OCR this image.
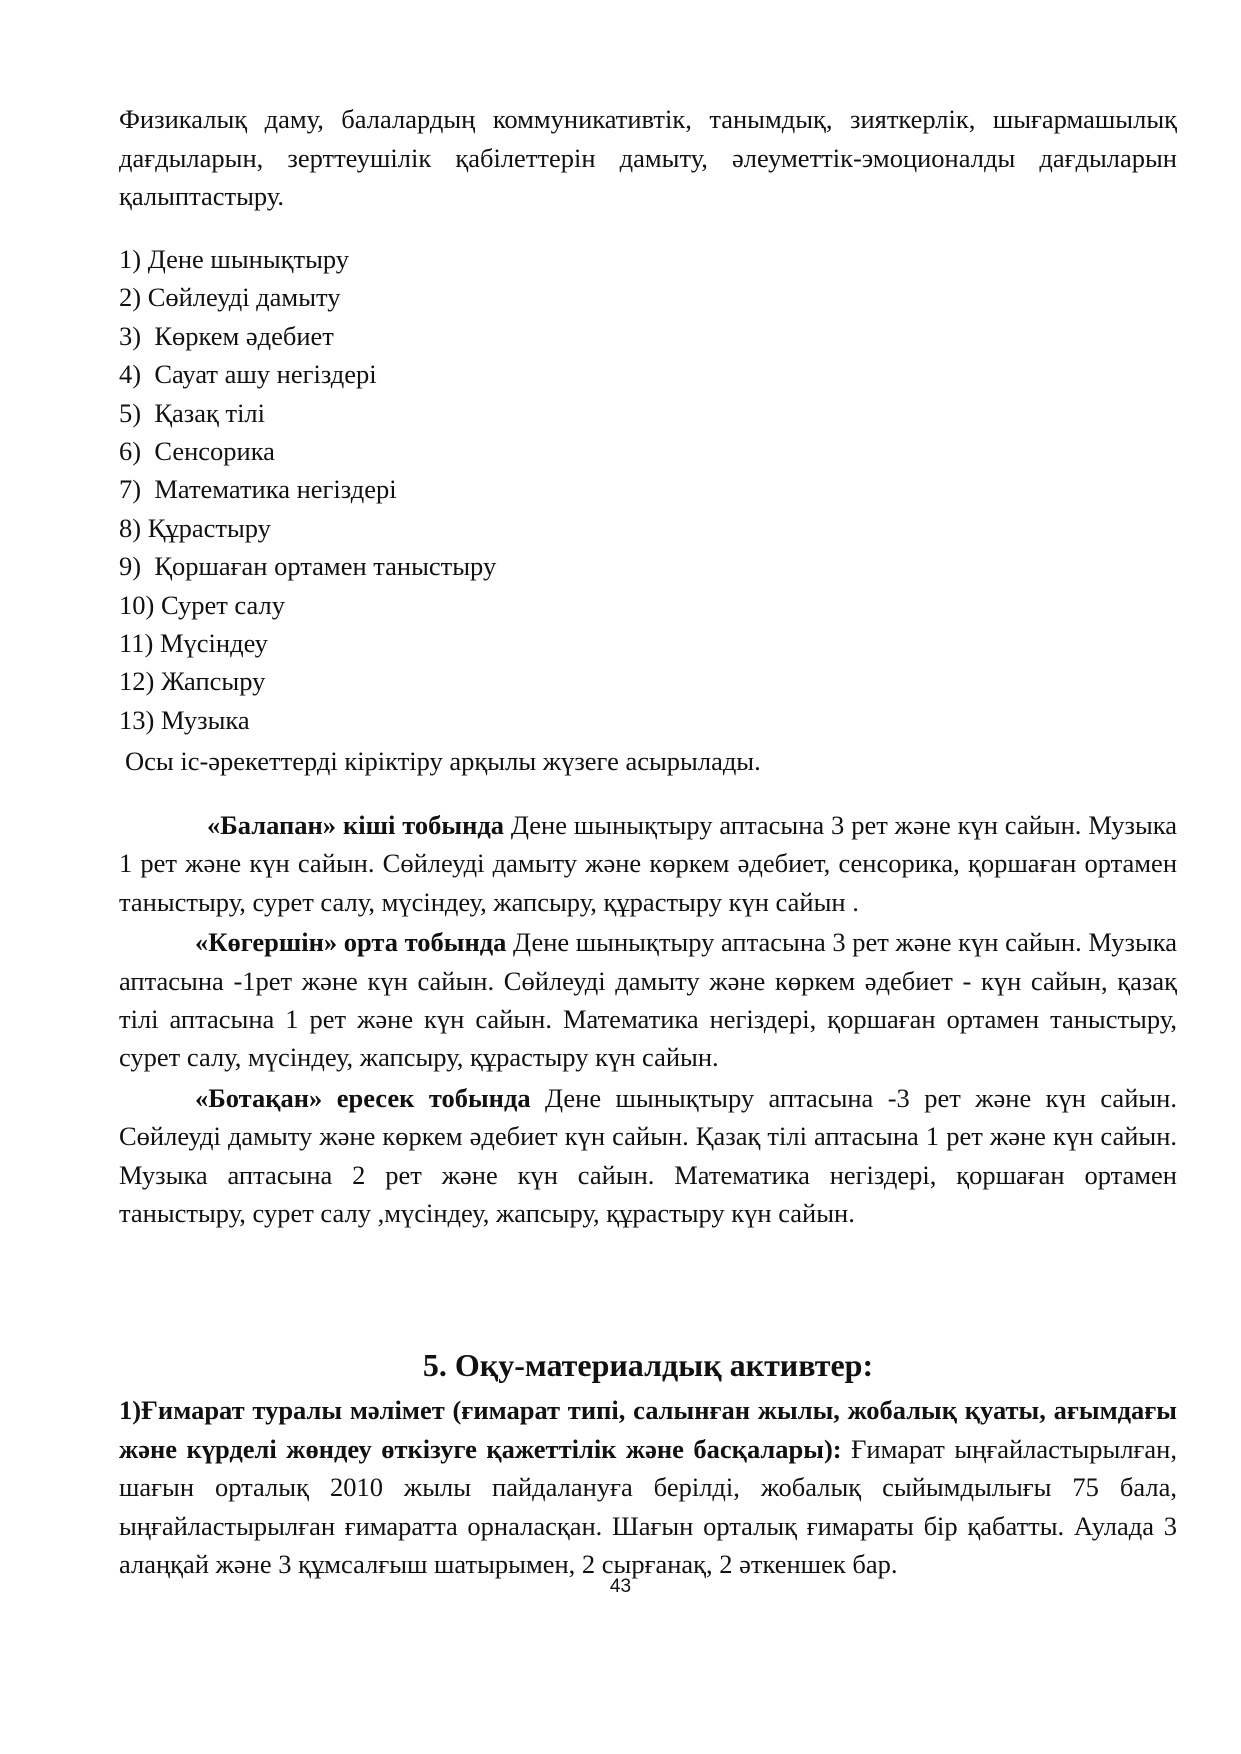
Физикалық даму, балалардың коммуникативтік, танымдық, зияткерлік, шығармашылық дағдыларын, зерттеушілік қабілеттерін дамыту, әлеуметтік-эмоционалды дағдыларын қалыптастыру.

1) Дене шынықтыру
2) Сөйлеуді дамыту
3)  Көркем әдебиет
4)  Сауат ашу негіздері
5)  Қазақ тілі
6)  Сенсорика
7)  Математика негіздері
8) Құрастыру
9)  Қоршаған ортамен таныстыру
10) Сурет салу
11) Мүсіндеу
12) Жапсыру
13) Музыка

Осы іс-әрекеттерді кіріктіру арқылы жүзеге асырылады.

«Балапан» кіші тобында Дене шынықтыру аптасына 3 рет және күн сайын. Музыка 1 рет және күн сайын. Сөйлеуді дамыту және көркем әдебиет, сенсорика, қоршаған ортамен таныстыру, сурет салу, мүсіндеу, жапсыру, құрастыру күн сайын .

«Көгершін» орта тобында Дене шынықтыру аптасына 3 рет және күн сайын. Музыка аптасына -1рет және күн сайын. Сөйлеуді дамыту және көркем әдебиет - күн сайын, қазақ тілі аптасына 1 рет және күн сайын. Математика негіздері, қоршаған ортамен таныстыру, сурет салу, мүсіндеу, жапсыру, құрастыру күн сайын.

«Ботақан» ересек тобында Дене шынықтыру аптасына -3 рет және күн сайын. Сөйлеуді дамыту және көркем әдебиет күн сайын. Қазақ тілі аптасына 1 рет және күн сайын. Музыка аптасына 2 рет және күн сайын. Математика негіздері, қоршаған ортамен таныстыру, сурет салу ,мүсіндеу, жапсыру, құрастыру күн сайын.

5. Оқу-материалдық активтер:

1)Ғимарат туралы мәлімет (ғимарат типі, салынған жылы, жобалық қуаты, ағымдағы және күрделі жөндеу өткізуге қажеттілік және басқалары): Ғимарат ыңғайластырылған, шағын орталық 2010 жылы пайдалануға берілді, жобалық сыйымдылығы 75 бала, ыңғайластырылған ғимаратта орналасқан. Шағын орталық ғимараты бір қабатты. Аулада 3 алаңқай және 3 құмсалғыш шатырымен, 2 сырғанақ, 2 әткеншек бар.

43
